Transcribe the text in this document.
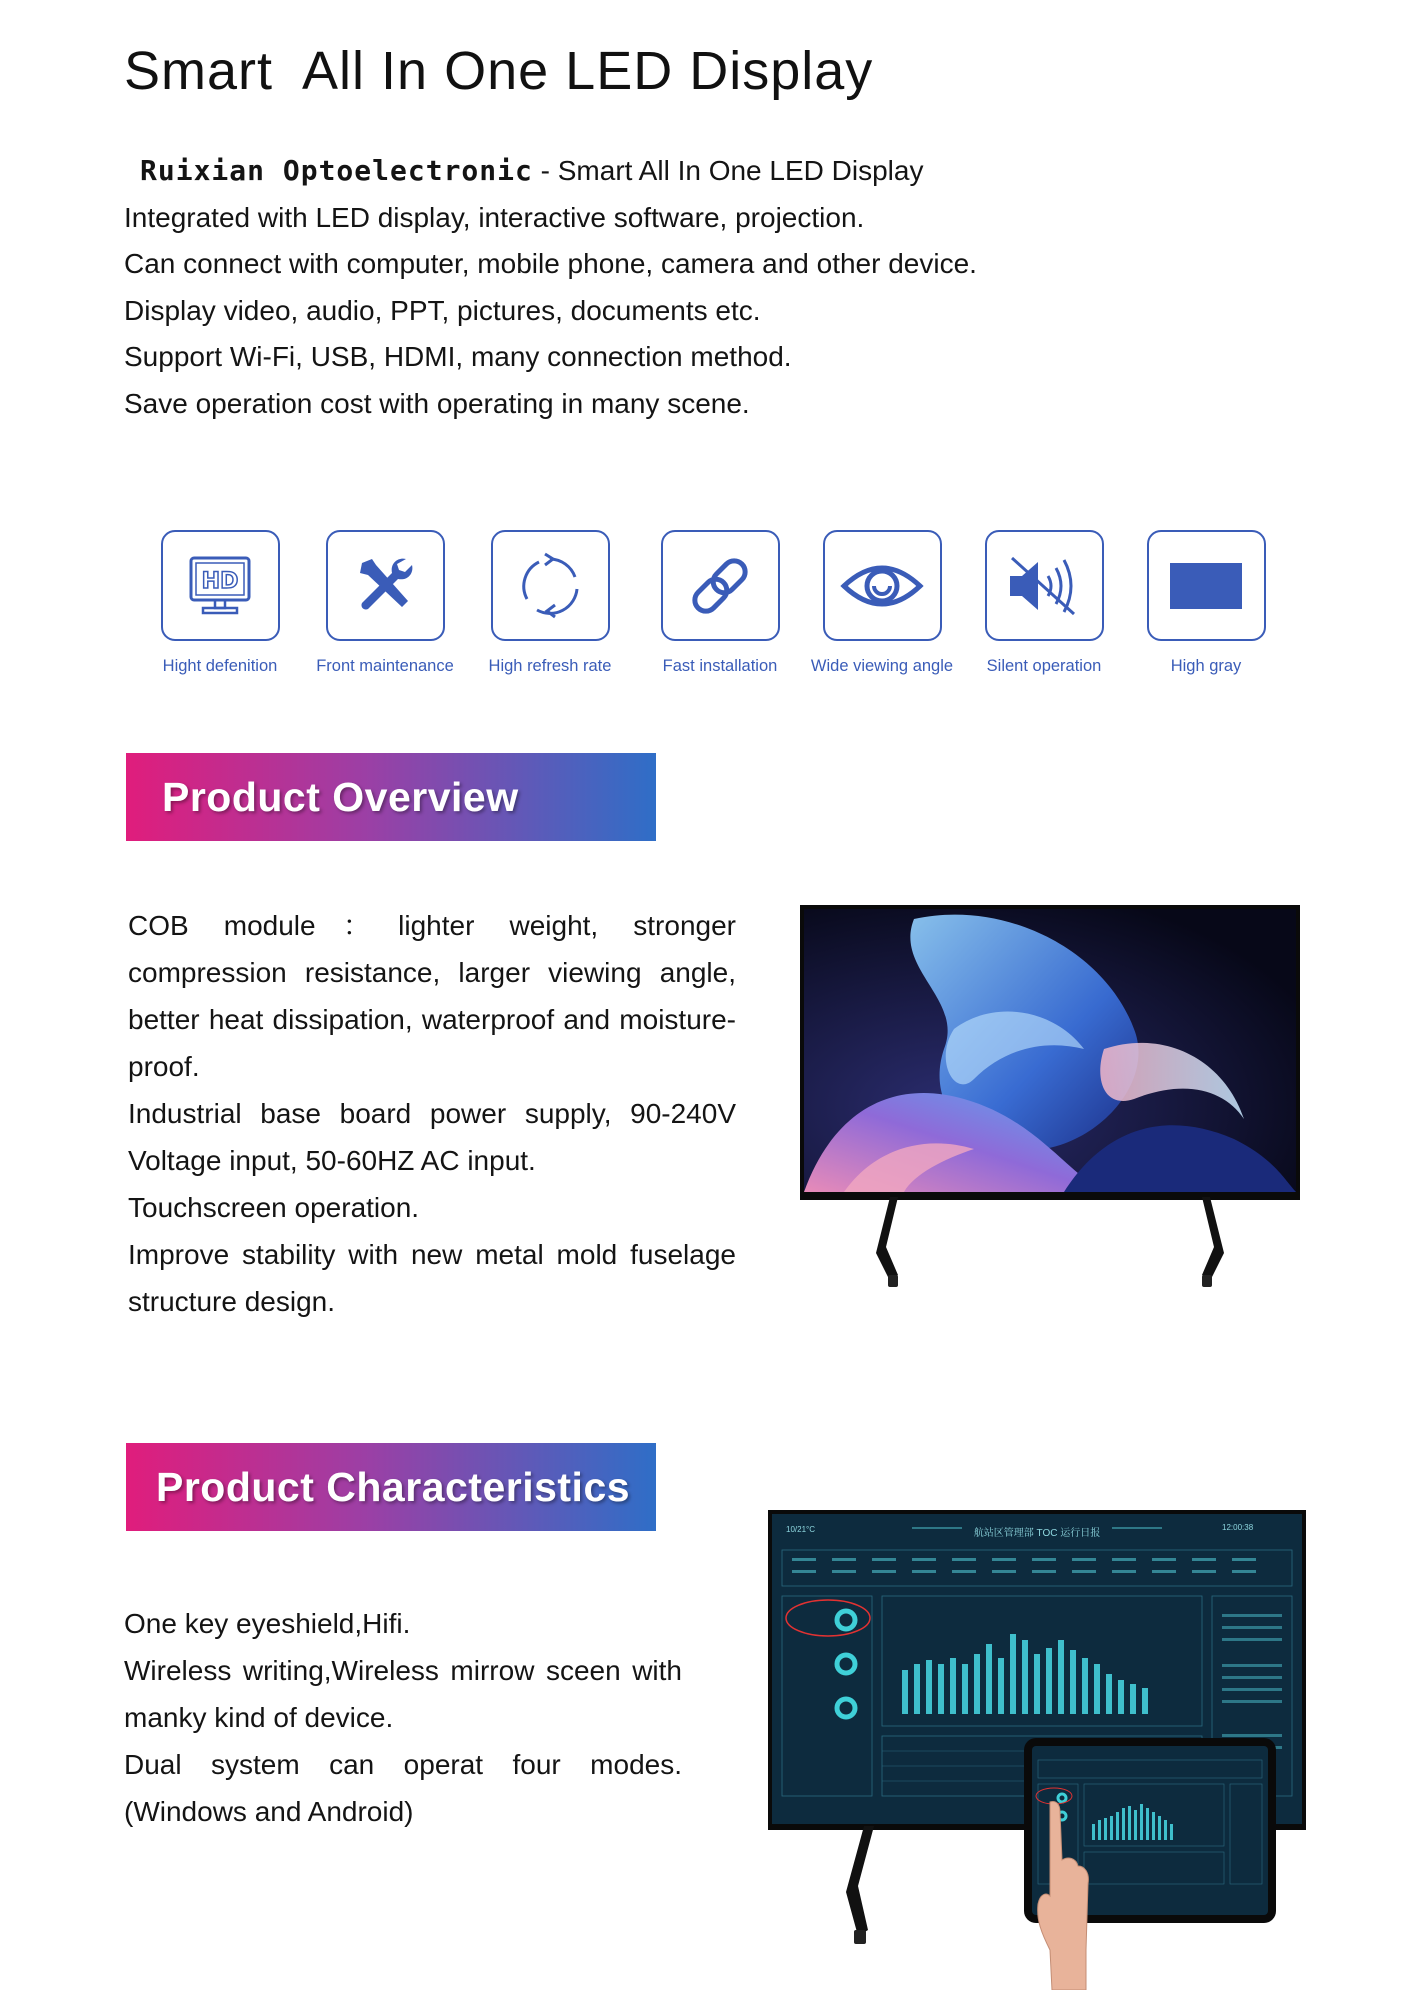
Smart  All In One LED Display
Ruixian Optoelectronic - Smart All In One LED Display
Integrated with LED display, interactive software, projection.
Can connect with computer, mobile phone, camera and other device.
Display video, audio, PPT, pictures, documents etc.
Support Wi-Fi, USB, HDMI, many connection method.
Save operation cost with operating in many scene.
HD
Hight defenition	Front maintenance	High refresh rate	Fast installation	Wide viewing angle	Silent operation	High gray
Product Overview

COB module：lighter weight, stronger compression resistance, larger viewing angle, better heat dissipation, waterproof and moisture-proof.

Industrial base board power supply, 90-240V Voltage input, 50-60HZ AC input.

Touchscreen operation.

Improve stability with new metal mold fuselage structure design.

Product Characteristics

One key eyeshield,Hifi.

Wireless writing,Wireless mirrow sceen with manky kind of device.

Dual system can operat four modes.(Windows and Android)

10/21°C	航站区管理部 TOC 运行日报
12:00:38
